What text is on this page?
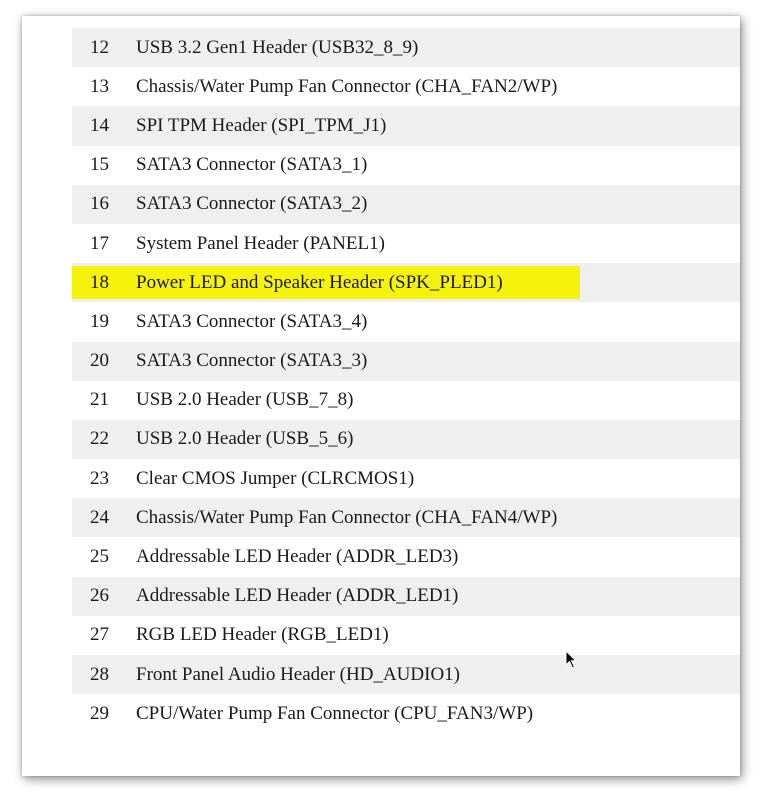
12	USB 3.2 Gen1 Header (USB32_8_9)
13	Chassis/Water Pump Fan Connector (CHA_FAN2/WP)
14	SPI TPM Header (SPI_TPM_J1)
15	SATA3 Connector (SATA3_1)
16	SATA3 Connector (SATA3_2)
17	System Panel Header (PANEL1)
18	Power LED and Speaker Header (SPK_PLED1)
19	SATA3 Connector (SATA3_4)
20	SATA3 Connector (SATA3_3)
21	USB 2.0 Header (USB_7_8)
22	USB 2.0 Header (USB_5_6)
23	Clear CMOS Jumper (CLRCMOS1)
24	Chassis/Water Pump Fan Connector (CHA_FAN4/WP)
25	Addressable LED Header (ADDR_LED3)
26	Addressable LED Header (ADDR_LED1)
27	RGB LED Header (RGB_LED1)
28	Front Panel Audio Header (HD_AUDIO1)
29	CPU/Water Pump Fan Connector (CPU_FAN3/WP)
